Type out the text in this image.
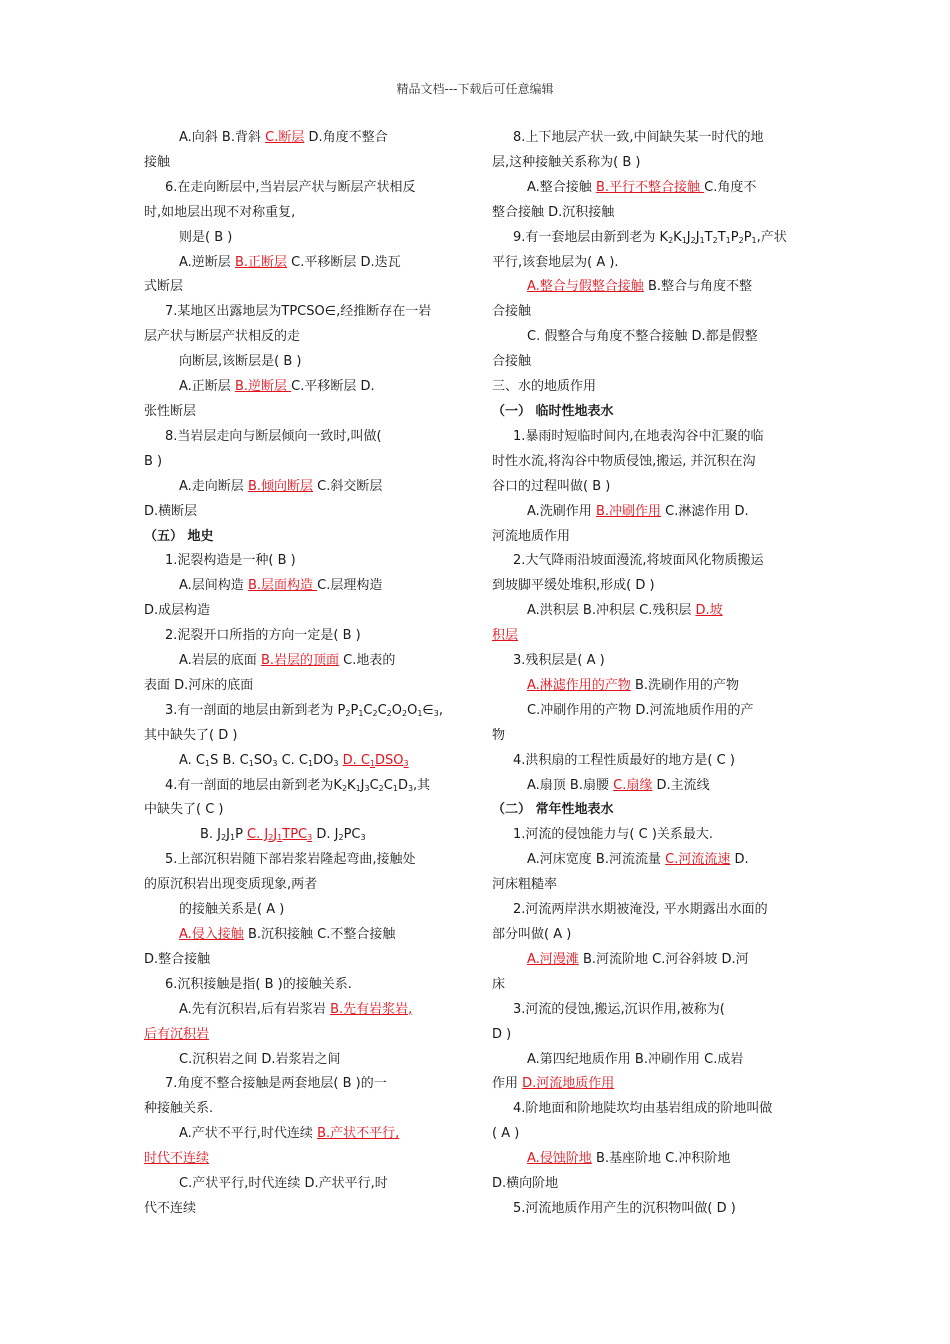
精品文档---下载后可任意编辑
A.向斜 B.背斜 C.断层 D.角度不整合
接触
6.在走向断层中,当岩层产状与断层产状相反
时,如地层出现不对称重复,
则是( B )
A.逆断层 B.正断层 C.平移断层 D.迭瓦
式断层
7.某地区出露地层为TPCSO∈,经推断存在一岩
层产状与断层产状相反的走
向断层,该断层是( B )
A.正断层 B.逆断层 C.平移断层 D.
张性断层
8.当岩层走向与断层倾向一致时,叫做(
B )
A.走向断层 B.倾向断层 C.斜交断层
D.横断层
（五） 地史
1.泥裂构造是一种( B )
A.层间构造 B.层面构造 C.层理构造
D.成层构造
2.泥裂开口所指的方向一定是( B )
A.岩层的底面 B.岩层的顶面 C.地表的
表面 D.河床的底面
3.有一剖面的地层由新到老为 $P_2P_1C_2C_2O_2O_1\in_3$,
其中缺失了( D )
A. $C_1S$ B. $C_1SO_3$ C. $C_1DO_3$ D. $C_1DSO_3$
4.有一剖面的地层由新到老为$K_2K_1J_3C_2C_1D_3$,其
中缺失了( C )
B. $J_2J_1P$ C. $J_2J_1TPC_3$ D. $J_2PC_3$
5.上部沉积岩随下部岩浆岩隆起弯曲,接触处
的原沉积岩出现变质现象,两者
的接触关系是( A )
A.侵入接触 B.沉积接触 C.不整合接触
D.整合接触
6.沉积接触是指( B )的接触关系.
A.先有沉积岩,后有岩浆岩 B.先有岩浆岩,
后有沉积岩
C.沉积岩之间 D.岩浆岩之间
7.角度不整合接触是两套地层( B )的一
种接触关系.
A.产状不平行,时代连续 B.产状不平行,
时代不连续
C.产状平行,时代连续 D.产状平行,时
代不连续
8.上下地层产状一致,中间缺失某一时代的地
层,这种接触关系称为( B )
A.整合接触 B.平行不整合接触 C.角度不
整合接触 D.沉积接触
9.有一套地层由新到老为 $K_2K_1J_2J_1T_2T_1P_2P_1$,产状
平行,该套地层为( A ).
A.整合与假整合接触 B.整合与角度不整
合接触
C. 假整合与角度不整合接触 D.都是假整
合接触
三、水的地质作用
（一） 临时性地表水
1.暴雨时短临时间内,在地表沟谷中汇聚的临
时性水流,将沟谷中物质侵蚀,搬运, 并沉积在沟
谷口的过程叫做( B )
A.洗刷作用 B.冲刷作用 C.淋滤作用 D.
河流地质作用
2.大气降雨沿坡面漫流,将坡面风化物质搬运
到坡脚平缓处堆积,形成( D )
A.洪积层 B.冲积层 C.残积层 D.坡
积层
3.残积层是( A )
A.淋滤作用的产物 B.洗刷作用的产物
C.冲刷作用的产物 D.河流地质作用的产
物
4.洪积扇的工程性质最好的地方是( C )
A.扇顶 B.扇腰 C.扇缘 D.主流线
（二） 常年性地表水
1.河流的侵蚀能力与( C )关系最大.
A.河床宽度 B.河流流量 C.河流流速 D.
河床粗糙率
2.河流两岸洪水期被淹没, 平水期露出水面的
部分叫做( A )
A.河漫滩 B.河流阶地 C.河谷斜坡 D.河
床
3.河流的侵蚀,搬运,沉识作用,被称为(
D )
A.第四纪地质作用 B.冲刷作用 C.成岩
作用 D.河流地质作用
4.阶地面和阶地陡坎均由基岩组成的阶地叫做
( A )
A.侵蚀阶地 B.基座阶地 C.冲积阶地
D.横向阶地
5.河流地质作用产生的沉积物叫做( D )
